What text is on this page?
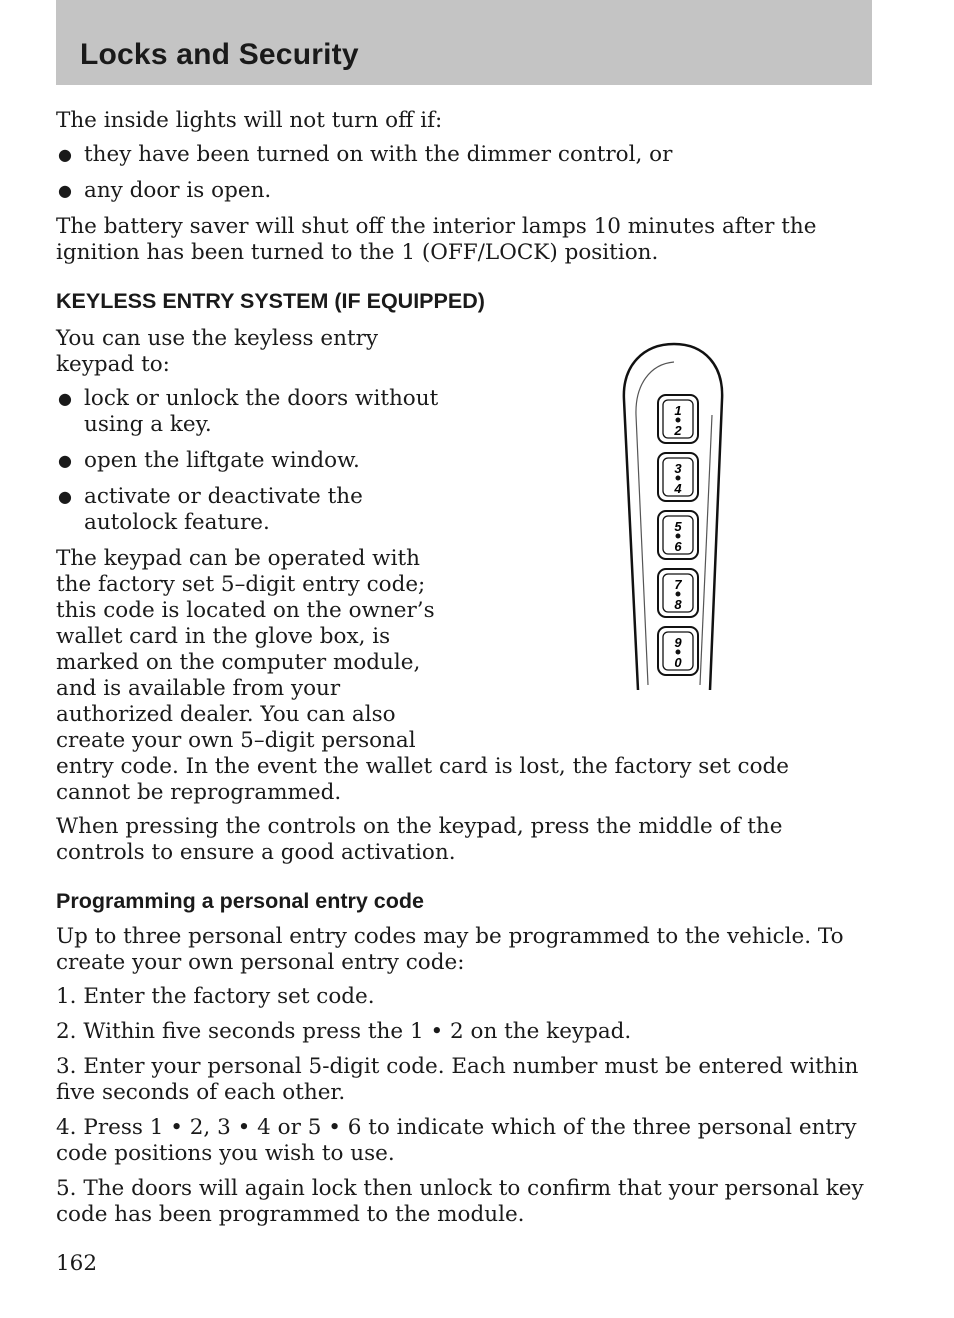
Locks and Security

The inside lights will not turn off if:

● they have been turned on with the dimmer control, or
● any door is open.

The battery saver will shut off the interior lamps 10 minutes after the ignition has been turned to the 1 (OFF/LOCK) position.

KEYLESS ENTRY SYSTEM (IF EQUIPPED)

You can use the keyless entry keypad to:

● lock or unlock the doors without using a key.
● open the liftgate window.
● activate or deactivate the autolock feature.

The keypad can be operated with the factory set 5–digit entry code; this code is located on the owner’s wallet card in the glove box, is marked on the computer module, and is available from your authorized dealer. You can also create your own 5–digit personal

entry code. In the event the wallet card is lost, the factory set code cannot be reprogrammed.

When pressing the controls on the keypad, press the middle of the controls to ensure a good activation.

Programming a personal entry code

Up to three personal entry codes may be programmed to the vehicle. To create your own personal entry code:

1. Enter the factory set code.
2. Within five seconds press the 1 • 2 on the keypad.
3. Enter your personal 5-digit code. Each number must be entered within five seconds of each other.
4. Press 1 • 2, 3 • 4 or 5 • 6 to indicate which of the three personal entry code positions you wish to use.
5. The doors will again lock then unlock to confirm that your personal key code has been programmed to the module.
1
2
3
4
5
6
7
8
9
0
162
